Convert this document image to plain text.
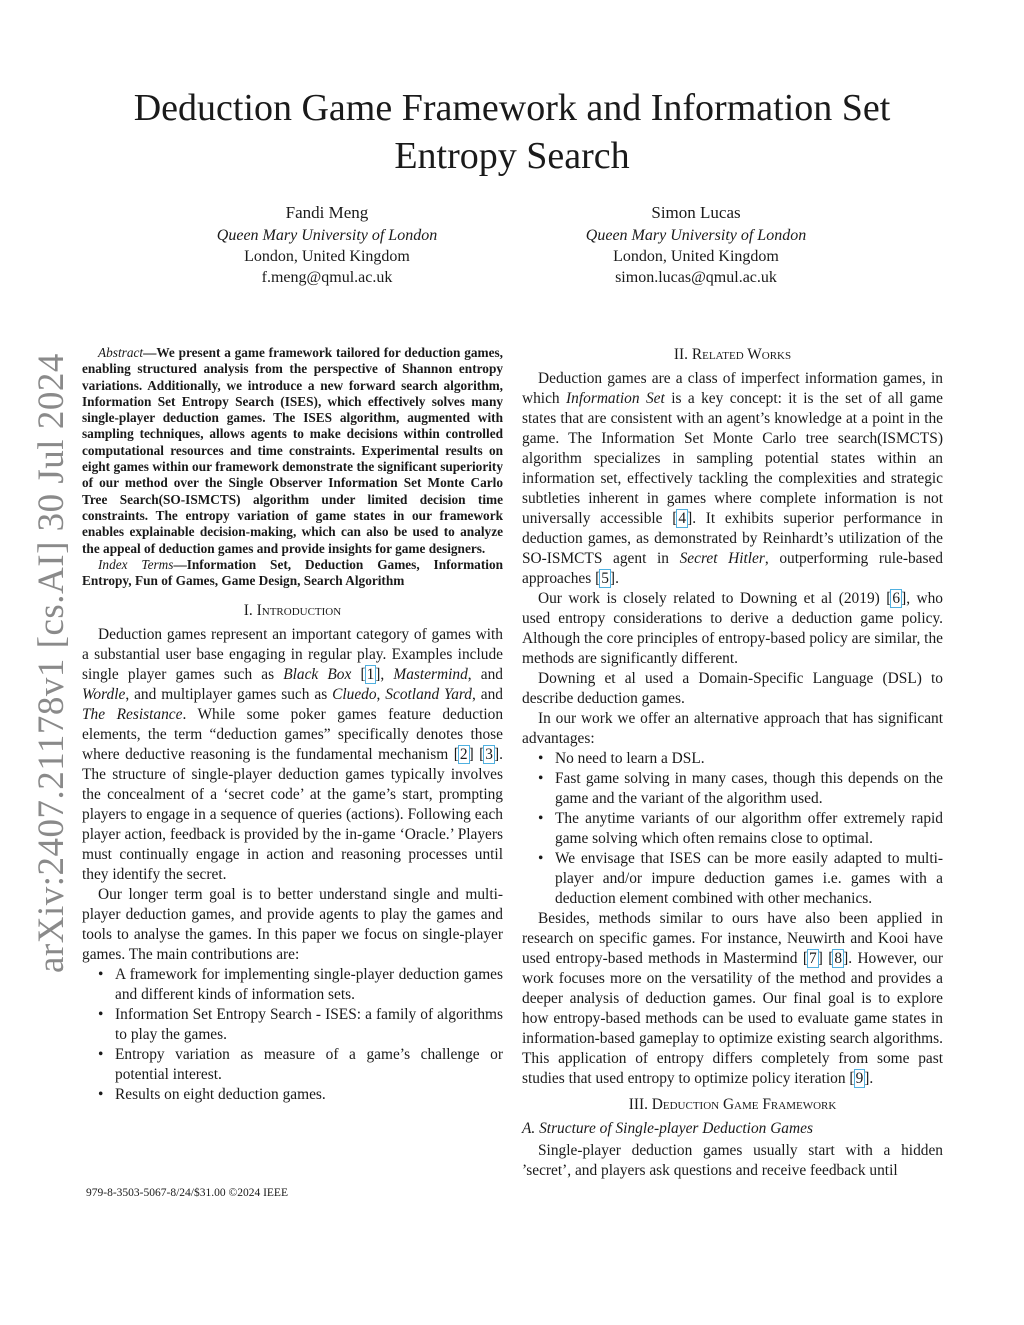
arXiv:2407.21178v1 [cs.AI] 30 Jul 2024
Deduction Game Framework and Information Set Entropy Search
Fandi Meng
Queen Mary University of London
London, United Kingdom
f.meng@qmul.ac.uk
Simon Lucas
Queen Mary University of London
London, United Kingdom
simon.lucas@qmul.ac.uk

Abstract—We present a game framework tailored for deduction games, enabling structured analysis from the perspective of Shannon entropy variations. Additionally, we introduce a new forward search algorithm, Information Set Entropy Search (ISES), which effectively solves many single-player deduction games. The ISES algorithm, augmented with sampling techniques, allows agents to make decisions within controlled computational resources and time constraints. Experimental results on eight games within our framework demonstrate the significant superiority of our method over the Single Observer Information Set Monte Carlo Tree Search(SO-ISMCTS) algorithm under limited decision time constraints. The entropy variation of game states in our framework enables explainable decision-making, which can also be used to analyze the appeal of deduction games and provide insights for game designers.

Index Terms—Information Set, Deduction Games, Information Entropy, Fun of Games, Game Design, Search Algorithm

I. Introduction

Deduction games represent an important category of games with a substantial user base engaging in regular play. Examples include single player games such as Black Box [1], Mastermind, and Wordle, and multiplayer games such as Cluedo, Scotland Yard, and The Resistance. While some poker games feature deduction elements, the term “deduction games” specifically denotes those where deductive reasoning is the fundamental mechanism [2] [3]. The structure of single-player deduction games typically involves the concealment of a ‘secret code’ at the game’s start, prompting players to engage in a sequence of queries (actions). Following each player action, feedback is provided by the in-game ‘Oracle.’ Players must continually engage in action and reasoning processes until they identify the secret.

Our longer term goal is to better understand single and multi-player deduction games, and provide agents to play the games and tools to analyse the games. In this paper we focus on single-player games. The main contributions are:

• A framework for implementing single-player deduction games and different kinds of information sets.
• Information Set Entropy Search - ISES: a family of algorithms to play the games.
• Entropy variation as measure of a game’s challenge or potential interest.
• Results on eight deduction games.
II. Related Works

Deduction games are a class of imperfect information games, in which Information Set is a key concept: it is the set of all game states that are consistent with an agent’s knowledge at a point in the game. The Information Set Monte Carlo tree search(ISMCTS) algorithm specializes in sampling potential states within an information set, effectively tackling the complexities and strategic subtleties inherent in games where complete information is not universally accessible [4]. It exhibits superior performance in deduction games, as demonstrated by Reinhardt’s utilization of the SO-ISMCTS agent in Secret Hitler, outperforming rule-based approaches [5].

Our work is closely related to Downing et al (2019) [6], who used entropy considerations to derive a deduction game policy. Although the core principles of entropy-based policy are similar, the methods are significantly different.

Downing et al used a Domain-Specific Language (DSL) to describe deduction games.

In our work we offer an alternative approach that has significant advantages:

• No need to learn a DSL.
• Fast game solving in many cases, though this depends on the game and the variant of the algorithm used.
• The anytime variants of our algorithm offer extremely rapid game solving which often remains close to optimal.
• We envisage that ISES can be more easily adapted to multi-player and/or impure deduction games i.e. games with a deduction element combined with other mechanics.

Besides, methods similar to ours have also been applied in research on specific games. For instance, Neuwirth and Kooi have used entropy-based methods in Mastermind [7] [8]. However, our work focuses more on the versatility of the method and provides a deeper analysis of deduction games. Our final goal is to explore how entropy-based methods can be used to evaluate game states in information-based gameplay to optimize existing search algorithms. This application of entropy differs completely from some past studies that used entropy to optimize policy iteration [9].

III. Deduction Game Framework
A. Structure of Single-player Deduction Games

Single-player deduction games usually start with a hidden ’secret’, and players ask questions and receive feedback until

979-8-3503-5067-8/24/$31.00 ©2024 IEEE
